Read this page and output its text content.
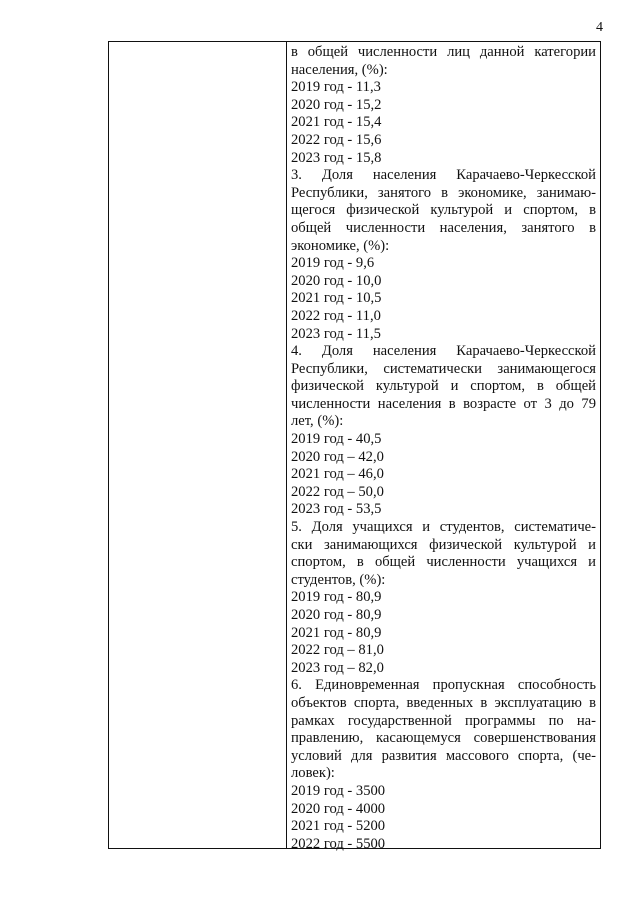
4
в общей численности лиц данной категории
населения, (%):
2019 год - 11,3
2020 год - 15,2
2021 год - 15,4
2022 год - 15,6
2023 год - 15,8
3. Доля населения Карачаево-Черкесской
Республики, занятого в экономике, занимаю-
щегося физической культурой и спортом, в
общей численности населения, занятого в
экономике, (%):
2019 год - 9,6
2020 год - 10,0
2021 год - 10,5
2022 год - 11,0
2023 год - 11,5
4. Доля населения Карачаево-Черкесской
Республики, систематически занимающегося
физической культурой и спортом, в общей
численности населения в возрасте от 3 до 79
лет, (%):
2019 год - 40,5
2020 год – 42,0
2021 год – 46,0
2022 год – 50,0
2023 год - 53,5
5. Доля учащихся и студентов, систематиче-
ски занимающихся физической культурой и
спортом, в общей численности учащихся и
студентов, (%):
2019 год - 80,9
2020 год - 80,9
2021 год - 80,9
2022 год – 81,0
2023 год – 82,0
6. Единовременная пропускная способность
объектов спорта, введенных в эксплуатацию в
рамках государственной программы по на-
правлению, касающемуся совершенствования
условий для развития массового спорта, (че-
ловек):
2019 год - 3500
2020 год - 4000
2021 год - 5200
2022 год - 5500
